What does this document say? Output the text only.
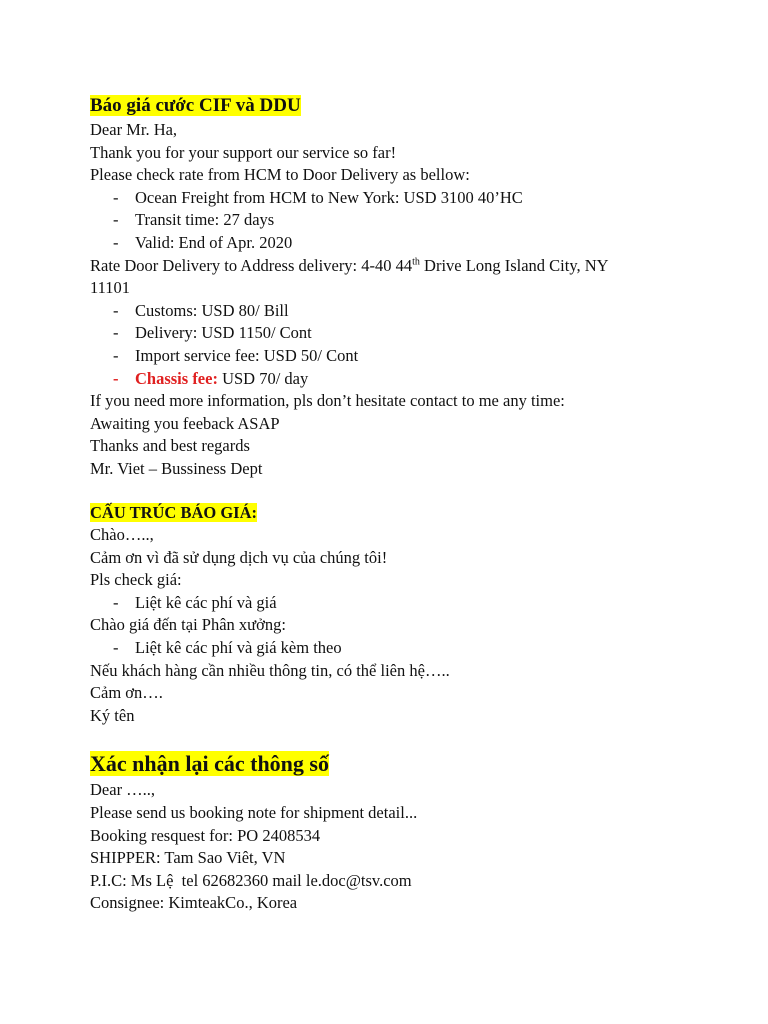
Báo giá cước CIF và DDU

Dear Mr. Ha,

Thank you for your support our service so far!

Please check rate from HCM to Door Delivery as bellow:

-	Ocean Freight from HCM to New York: USD 3100 40’HC

-	Transit time: 27 days

-	Valid: End of Apr. 2020

Rate Door Delivery to Address delivery: 4-40 44th Drive Long Island City, NY

11101

-	Customs: USD 80/ Bill

-	Delivery: USD 1150/ Cont

-	Import service fee: USD 50/ Cont

-	Chassis fee: USD 70/ day

If you need more information, pls don’t hesitate contact to me any time:

Awaiting you feeback ASAP

Thanks and best regards

Mr. Viet – Bussiness Dept

CẤU TRÚC BÁO GIÁ:

Chào…..,

Cảm ơn vì đã sử dụng dịch vụ của chúng tôi!

Pls check giá:

-	Liệt kê các phí và giá

Chào giá đến tại Phân xưởng:

-	Liệt kê các phí và giá kèm theo

Nếu khách hàng cần nhiều thông tin, có thể liên hệ…..

Cảm ơn….

Ký tên

Xác nhận lại các thông số

Dear …..,

Please send us booking note for shipment detail...

Booking resquest for: PO 2408534

SHIPPER: Tam Sao Viêt, VN

P.I.C: Ms Lệ  tel 62682360 mail le.doc@tsv.com

Consignee: KimteakCo., Korea
